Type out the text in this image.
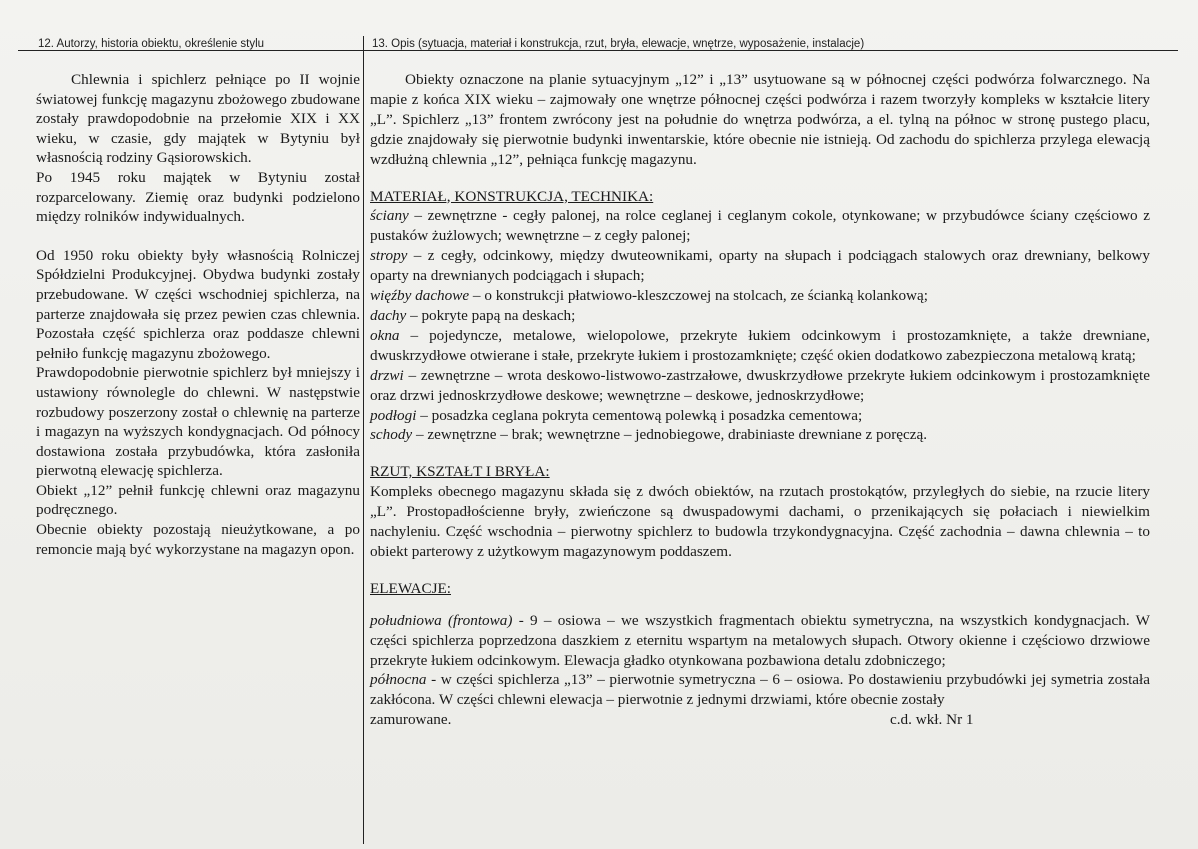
12. Autorzy, historia obiektu, określenie stylu	13. Opis (sytuacja, materiał i konstrukcja, rzut, bryła, elewacje, wnętrze, wyposażenie, instalacje)

Chlewnia i spichlerz pełniące po II wojnie światowej funkcję magazynu zbożowego zbudowane zostały prawdopodobnie na przełomie XIX i XX wieku, w czasie, gdy majątek w Bytyniu był własnością rodziny Gąsiorowskich.

Po 1945 roku majątek w Bytyniu został rozparcelowany. Ziemię oraz budynki podzielono między rolników indywidualnych.

Od 1950 roku obiekty były własnością Rolniczej Spółdzielni Produkcyjnej. Obydwa budynki zostały przebudowane. W części wschodniej spichlerza, na parterze znajdowała się przez pewien czas chlewnia. Pozostała część spichlerza oraz poddasze chlewni pełniło funkcję magazynu zbożowego.

Prawdopodobnie pierwotnie spichlerz był mniejszy i ustawiony równolegle do chlewni. W następstwie rozbudowy poszerzony został o chlewnię na parterze i magazyn na wyższych kondygnacjach. Od północy dostawiona została przybudówka, która zasłoniła pierwotną elewację spichlerza.

Obiekt „12” pełnił funkcję chlewni oraz magazynu podręcznego.

Obecnie obiekty pozostają nieużytkowane, a po remoncie mają być wykorzystane na magazyn opon.

Obiekty oznaczone na planie sytuacyjnym „12” i „13” usytuowane są w północnej części podwórza folwarcznego. Na mapie z końca XIX wieku – zajmowały one wnętrze północnej części podwórza i razem tworzyły kompleks w kształcie litery „L”. Spichlerz „13” frontem zwrócony jest na południe do wnętrza podwórza, a el. tylną na północ w stronę pustego placu, gdzie znajdowały się pierwotnie budynki inwentarskie, które obecnie nie istnieją. Od zachodu do spichlerza przylega elewacją wzdłużną chlewnia „12”, pełniąca funkcję magazynu.

MATERIAŁ, KONSTRUKCJA, TECHNIKA:

ściany – zewnętrzne - cegły palonej, na rolce ceglanej i ceglanym cokole, otynkowane; w przybudówce ściany częściowo z pustaków żużlowych; wewnętrzne – z cegły palonej;

stropy – z cegły, odcinkowy, między dwuteownikami, oparty na słupach i podciągach stalowych oraz drewniany, belkowy oparty na drewnianych podciągach i słupach;

więźby dachowe – o konstrukcji płatwiowo-kleszczowej na stolcach, ze ścianką kolankową;

dachy – pokryte papą na deskach;

okna – pojedyncze, metalowe, wielopolowe, przekryte łukiem odcinkowym i prostozamknięte, a także drewniane, dwuskrzydłowe otwierane i stałe, przekryte łukiem i prostozamknięte; część okien dodatkowo zabezpieczona metalową kratą;

drzwi – zewnętrzne – wrota deskowo-listwowo-zastrzałowe, dwuskrzydłowe przekryte łukiem odcinkowym i prostozamknięte oraz drzwi jednoskrzydłowe deskowe; wewnętrzne – deskowe, jednoskrzydłowe;

podłogi – posadzka ceglana pokryta cementową polewką i posadzka cementowa;

schody – zewnętrzne – brak; wewnętrzne – jednobiegowe, drabiniaste drewniane z poręczą.

RZUT, KSZTAŁT I BRYŁA:

Kompleks obecnego magazynu składa się z dwóch obiektów, na rzutach prostokątów, przyległych do siebie, na rzucie litery „L”. Prostopadłościenne bryły, zwieńczone są dwuspadowymi dachami, o przenikających się połaciach i niewielkim nachyleniu. Część wschodnia – pierwotny spichlerz to budowla trzykondygnacyjna. Część zachodnia – dawna chlewnia – to obiekt parterowy z użytkowym magazynowym poddaszem.

ELEWACJE:

południowa (frontowa) - 9 – osiowa – we wszystkich fragmentach obiektu symetryczna, na wszystkich kondygnacjach. W części spichlerza poprzedzona daszkiem z eternitu wspartym na metalowych słupach. Otwory okienne i częściowo drzwiowe przekryte łukiem odcinkowym. Elewacja gładko otynkowana pozbawiona detalu zdobniczego;

północna - w części spichlerza „13” – pierwotnie symetryczna – 6 – osiowa. Po dostawieniu przybudówki jej symetria została zakłócona. W części chlewni elewacja – pierwotnie z jednymi drzwiami, które obecnie zostały

zamurowane.	c.d. wkł. Nr 1
